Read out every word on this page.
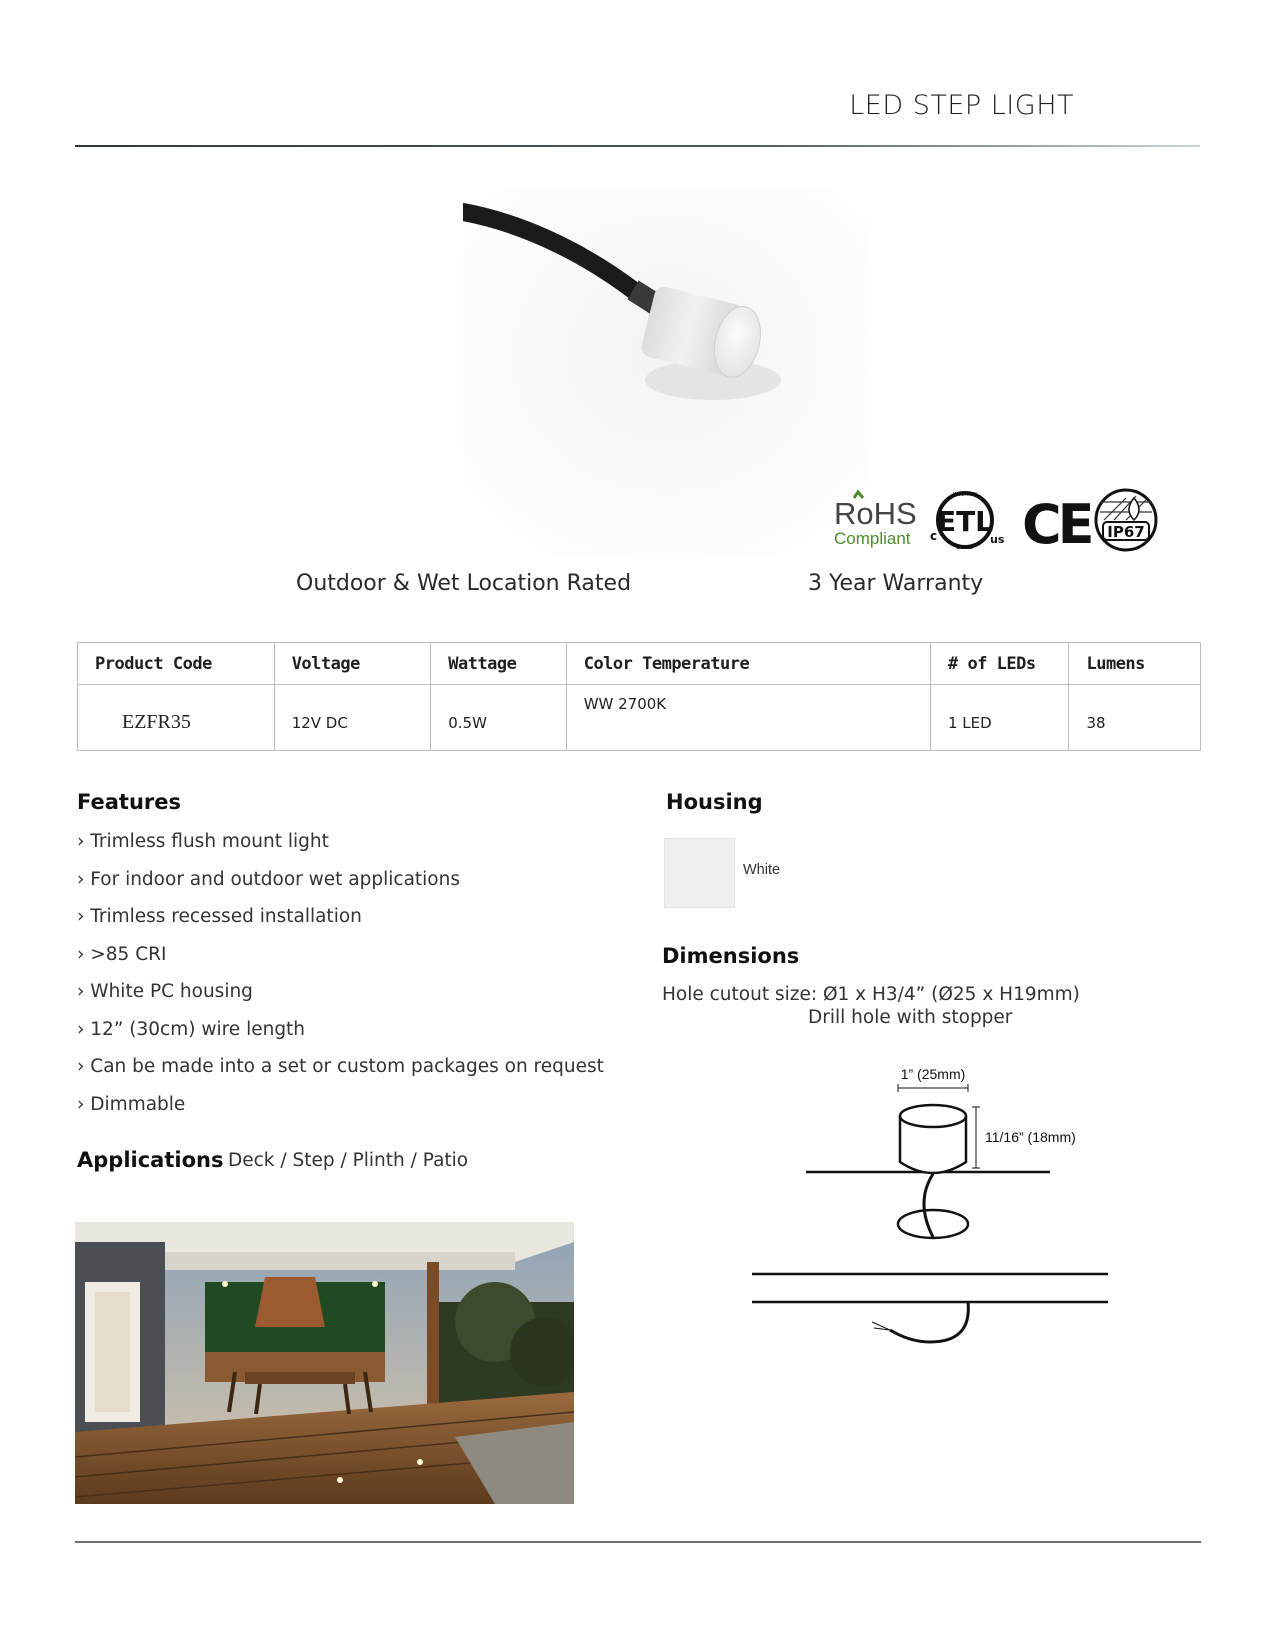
LED STEP LIGHT
RoHS
Compliant
ETL
INTERTEK
LISTED
c	us CE IP67
Outdoor & Wet Location Rated	3 Year Warranty
Product Code	Voltage	Wattage	Color Temperature	# of LEDs	Lumens
EZFR35	12V DC	0.5W	WW 2700K	1 LED	38
Features
› Trimless flush mount light
› For indoor and outdoor wet applications
› Trimless recessed installation
› >85 CRI
› White PC housing
› 12” (30cm) wire length
› Can be made into a set or custom packages on request
› Dimmable
Applications Deck / Step / Plinth / Patio
Housing
White
Dimensions
Hole cutout size: Ø1 x H3/4” (Ø25 x H19mm)
Drill hole with stopper
1” (25mm)
11/16” (18mm)
